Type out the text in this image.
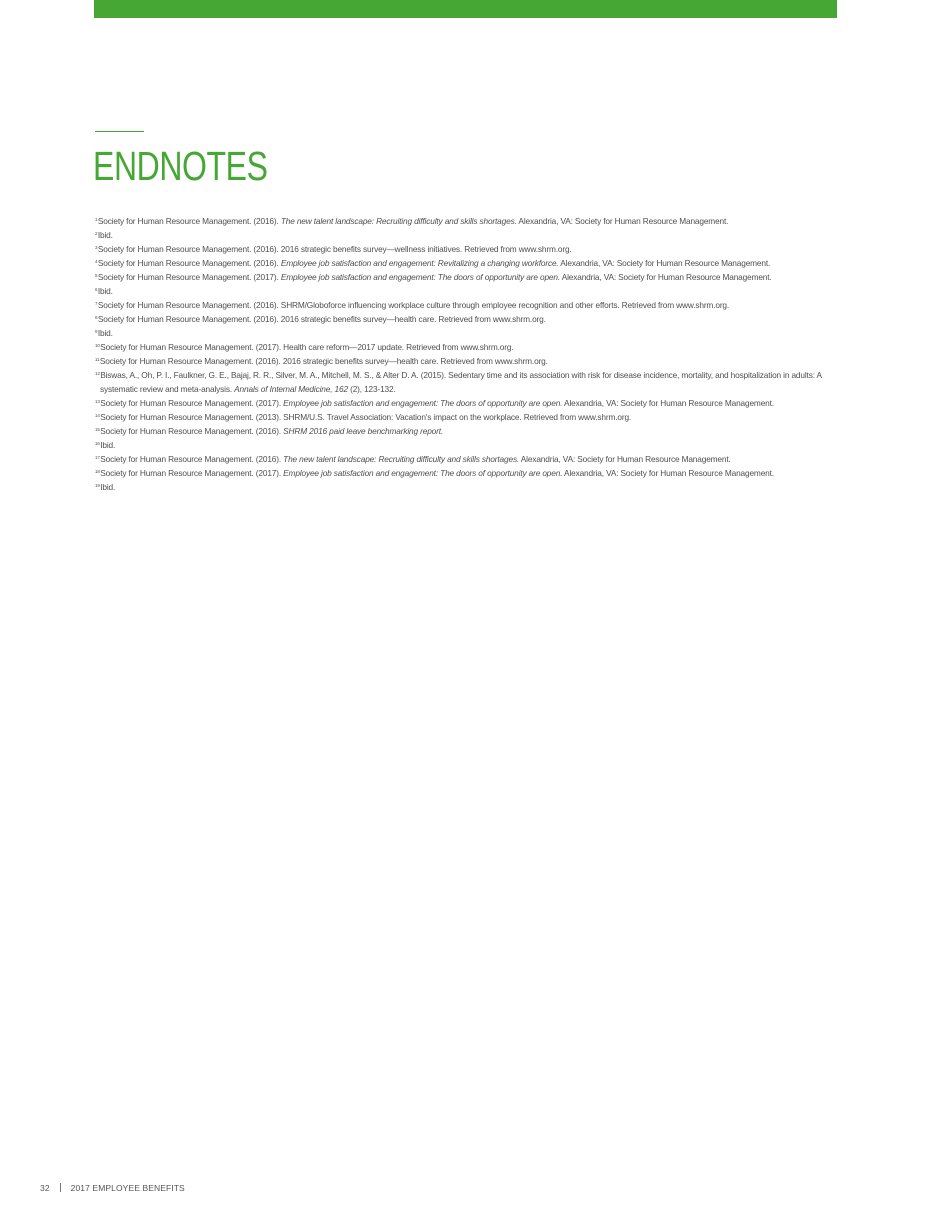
ENDNOTES
$^1$Society for Human Resource Management. (2016). The new talent landscape: Recruiting difficulty and skills shortages. Alexandria, VA: Society for Human Resource Management.
$^2$Ibid.
$^3$Society for Human Resource Management. (2016). 2016 strategic benefits survey—wellness initiatives. Retrieved from www.shrm.org.
$^4$Society for Human Resource Management. (2016). Employee job satisfaction and engagement: Revitalizing a changing workforce. Alexandria, VA: Society for Human Resource Management.
$^5$Society for Human Resource Management. (2017). Employee job satisfaction and engagement: The doors of opportunity are open. Alexandria, VA: Society for Human Resource Management.
$^6$Ibid.
$^7$Society for Human Resource Management. (2016). SHRM/Globoforce influencing workplace culture through employee recognition and other efforts. Retrieved from www.shrm.org.
$^8$Society for Human Resource Management. (2016). 2016 strategic benefits survey—health care. Retrieved from www.shrm.org.
$^9$Ibid.
$^{10}$Society for Human Resource Management. (2017). Health care reform—2017 update. Retrieved from www.shrm.org.
$^{11}$Society for Human Resource Management. (2016). 2016 strategic benefits survey—health care. Retrieved from www.shrm.org.
$^{12}$Biswas, A., Oh, P. I., Faulkner, G. E., Bajaj, R. R., Silver, M. A., Mitchell, M. S., & Alter D. A. (2015). Sedentary time and its association with risk for disease incidence, mortality, and hospitalization in adults: A systematic review and meta-analysis. Annals of Internal Medicine, 162 (2), 123-132.
$^{13}$Society for Human Resource Management. (2017). Employee job satisfaction and engagement: The doors of opportunity are open. Alexandria, VA: Society for Human Resource Management.
$^{14}$Society for Human Resource Management. (2013). SHRM/U.S. Travel Association: Vacation's impact on the workplace. Retrieved from www.shrm.org.
$^{15}$Society for Human Resource Management. (2016). SHRM 2016 paid leave benchmarking report.
$^{16}$Ibid.
$^{17}$Society for Human Resource Management. (2016). The new talent landscape: Recruiting difficulty and skills shortages. Alexandria, VA: Society for Human Resource Management.
$^{18}$Society for Human Resource Management. (2017). Employee job satisfaction and engagement: The doors of opportunity are open. Alexandria, VA: Society for Human Resource Management.
$^{19}$Ibid.
32 2017 EMPLOYEE BENEFITS
